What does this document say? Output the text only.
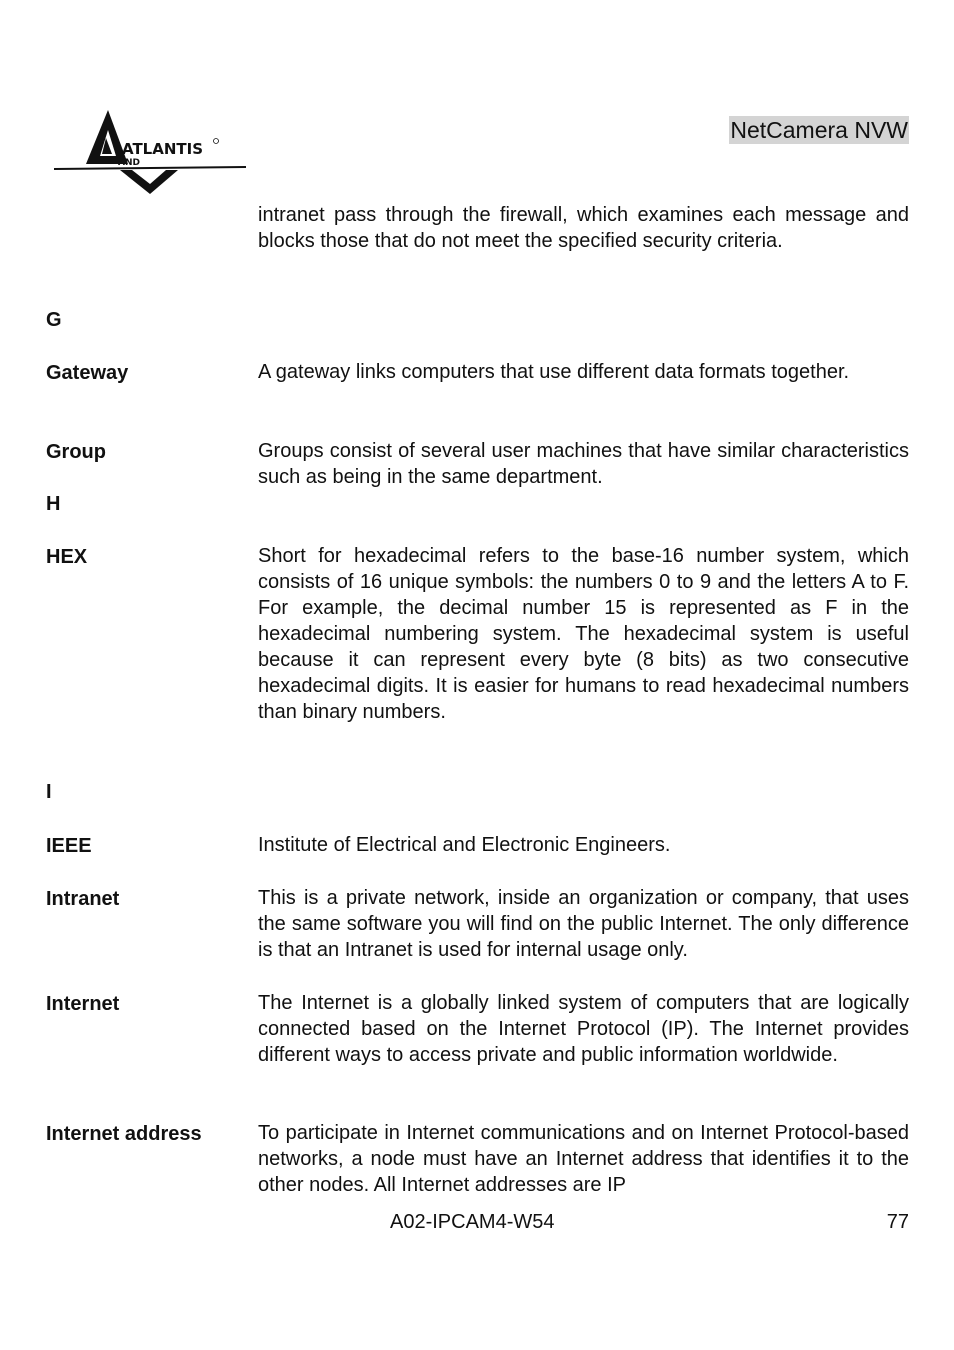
ATLANTIS
AND
NetCamera NVW
intranet pass through the firewall, which examines each message and blocks those that do not meet the specified security criteria.
G
Gateway	A gateway links computers that use different data formats together.
Group	Groups consist of several user machines that have similar characteristics such as being in the same department.
H
HEX	Short for hexadecimal refers to the base-16 number system, which consists of 16 unique symbols: the numbers 0 to 9 and the letters A to F. For example, the decimal number 15 is represented as F in the hexadecimal numbering system. The hexadecimal system is useful because it can represent every byte (8 bits) as two consecutive hexadecimal digits. It is easier for humans to read hexadecimal numbers than binary numbers.
I
IEEE	Institute of Electrical and Electronic Engineers.
Intranet	This is a private network, inside an organization or company, that uses the same software you will find on the public Internet. The only difference is that an Intranet is used for internal usage only.
Internet	The Internet is a globally linked system of computers that are logically connected based on the Internet Protocol (IP). The Internet provides different ways to access private and public information worldwide.
Internet address	To participate in Internet communications and on Internet Protocol-based networks, a node must have an Internet address that identifies it to the other nodes. All Internet addresses are IP
A02-IPCAM4-W54	77
